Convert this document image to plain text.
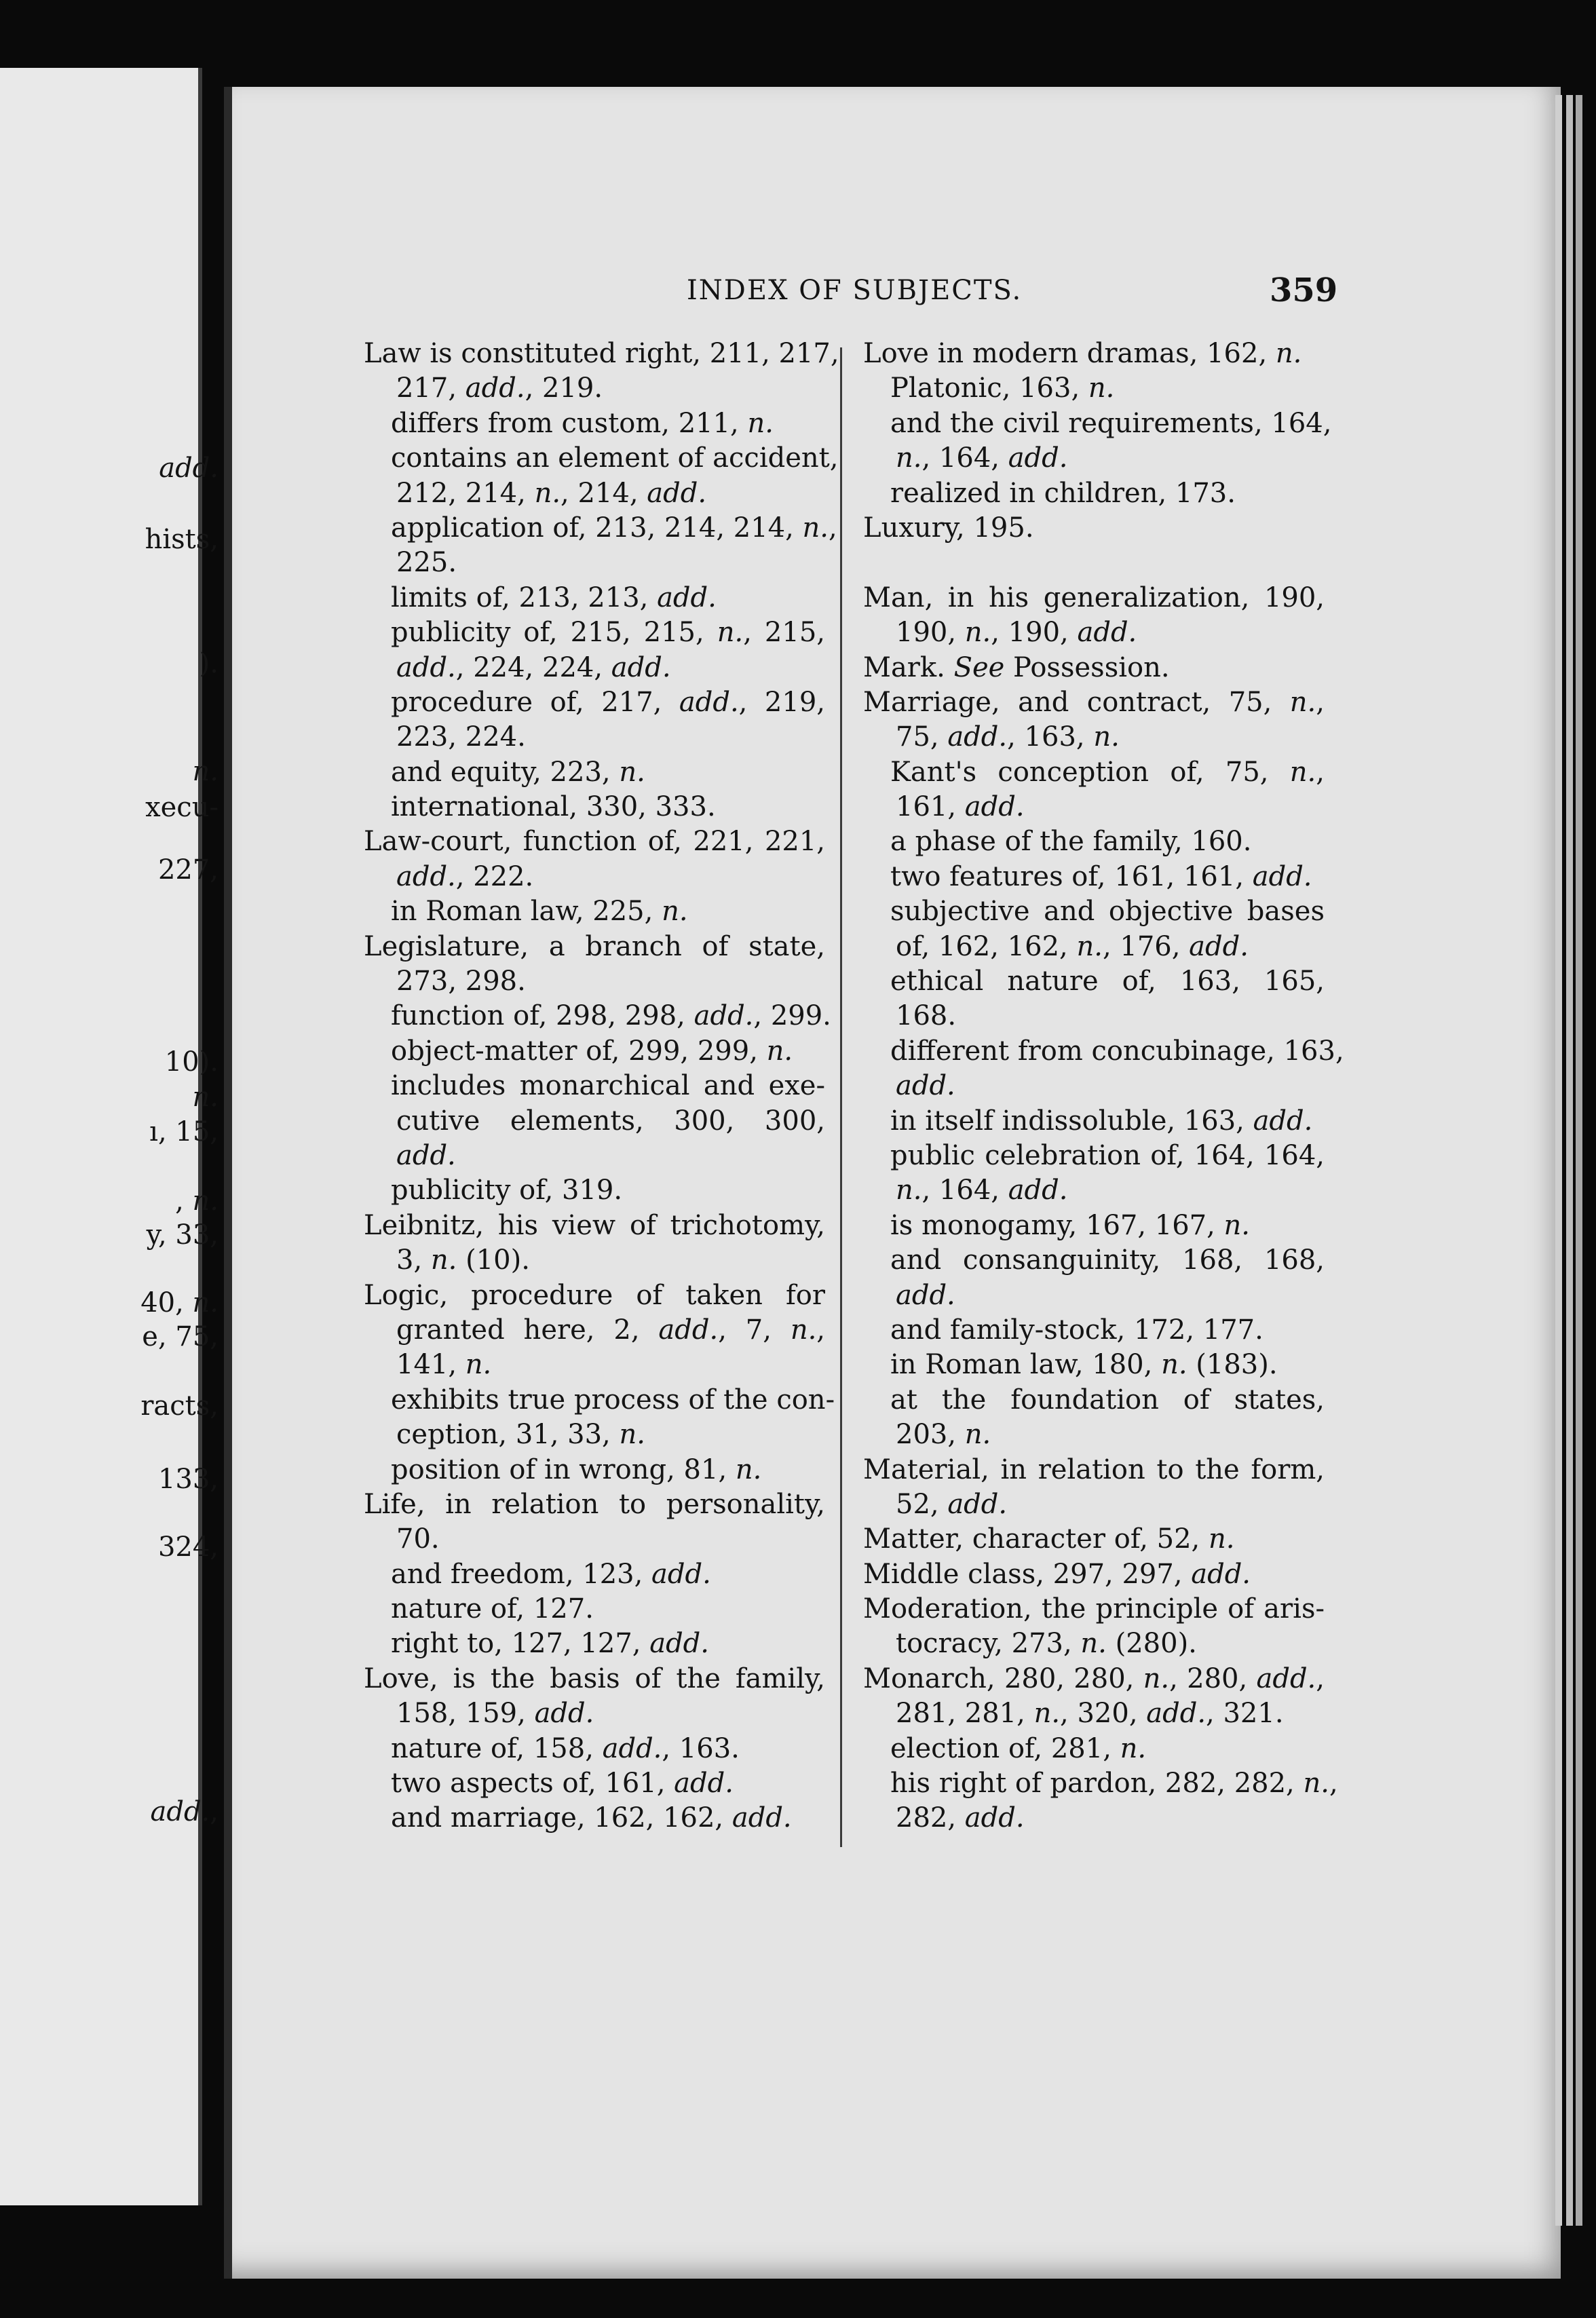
add.
hists,
).
n.
xecu-
227,
10).
n.
ı, 15,
, n.
y, 33,
40, n.
e, 75,
racts,
133,
324,
add.,
INDEX OF SUBJECTS.	359
Law is constituted right, 211, 217,
217, add., 219.
differs from custom, 211, n.
contains an element of accident,
212, 214, n., 214, add.
application of, 213, 214, 214, n.,
225.
limits of, 213, 213, add.
publicity of, 215, 215, n., 215,
add., 224, 224, add.
procedure of, 217, add., 219,
223, 224.
and equity, 223, n.
international, 330, 333.
Law-court, function of, 221, 221,
add., 222.
in Roman law, 225, n.
Legislature, a branch of state,
273, 298.
function of, 298, 298, add., 299.
object-matter of, 299, 299, n.
includes monarchical and exe-
cutive elements, 300, 300,
add.
publicity of, 319.
Leibnitz, his view of trichotomy,
3, n. (10).
Logic, procedure of taken for
granted here, 2, add., 7, n.,
141, n.
exhibits true process of the con-
ception, 31, 33, n.
position of in wrong, 81, n.
Life, in relation to personality,
70.
and freedom, 123, add.
nature of, 127.
right to, 127, 127, add.
Love, is the basis of the family,
158, 159, add.
nature of, 158, add., 163.
two aspects of, 161, add.
and marriage, 162, 162, add.
Love in modern dramas, 162, n.
Platonic, 163, n.
and the civil requirements, 164,
n., 164, add.
realized in children, 173.
Luxury, 195.
Man, in his generalization, 190,
190, n., 190, add.
Mark. See Possession.
Marriage, and contract, 75, n.,
75, add., 163, n.
Kant's conception of, 75, n.,
161, add.
a phase of the family, 160.
two features of, 161, 161, add.
subjective and objective bases
of, 162, 162, n., 176, add.
ethical nature of, 163, 165,
168.
different from concubinage, 163,
add.
in itself indissoluble, 163, add.
public celebration of, 164, 164,
n., 164, add.
is monogamy, 167, 167, n.
and consanguinity, 168, 168,
add.
and family-stock, 172, 177.
in Roman law, 180, n. (183).
at the foundation of states,
203, n.
Material, in relation to the form,
52, add.
Matter, character of, 52, n.
Middle class, 297, 297, add.
Moderation, the principle of aris-
tocracy, 273, n. (280).
Monarch, 280, 280, n., 280, add.,
281, 281, n., 320, add., 321.
election of, 281, n.
his right of pardon, 282, 282, n.,
282, add.
